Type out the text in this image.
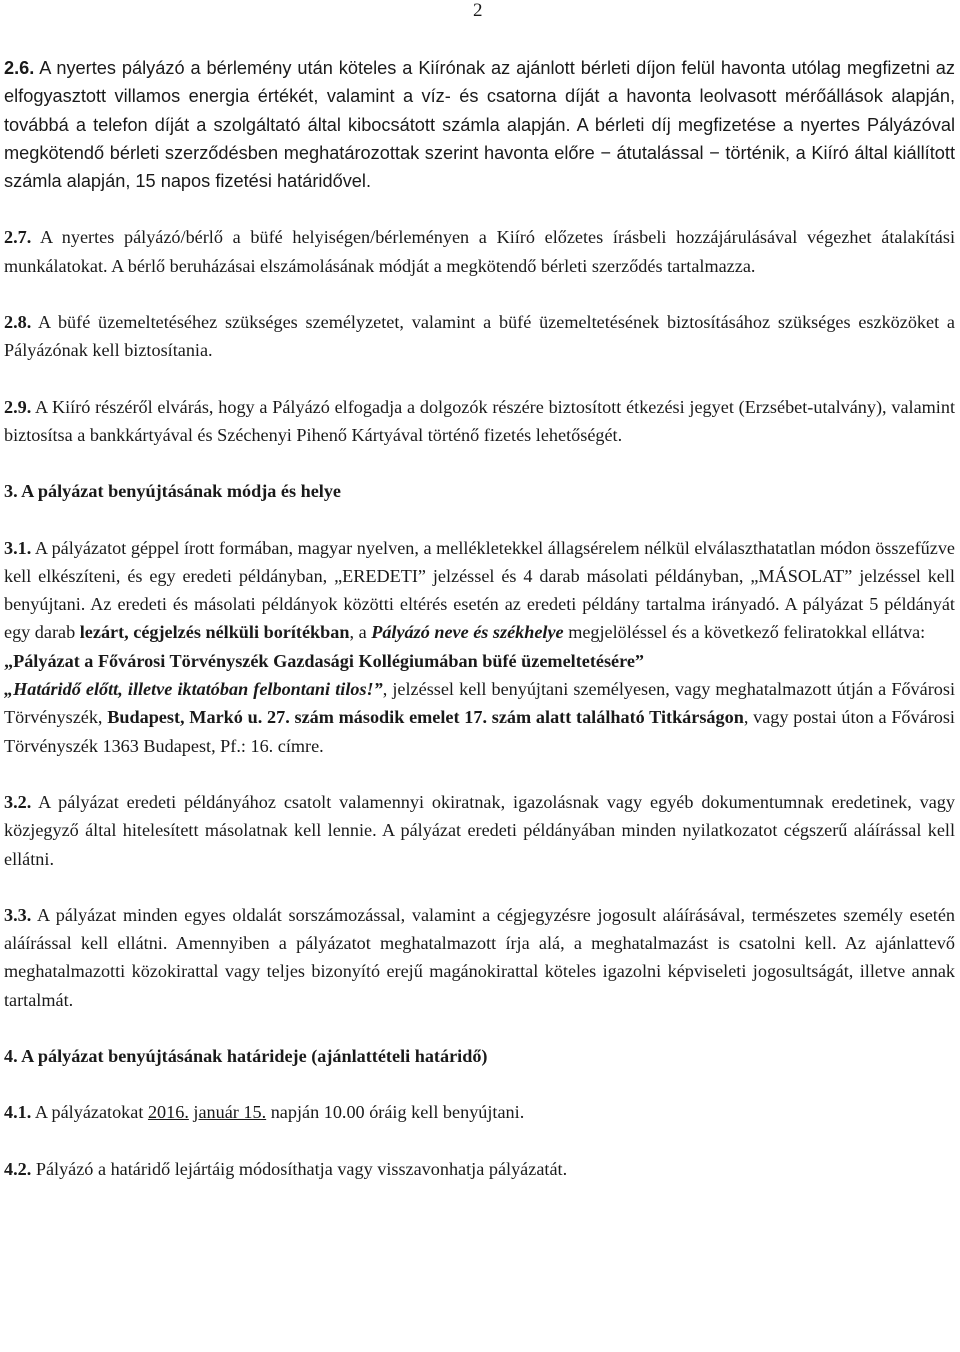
2

2.6. A nyertes pályázó a bérlemény után köteles a Kiírónak az ajánlott bérleti díjon felül havonta utólag megfizetni az elfogyasztott villamos energia értékét, valamint a víz- és csatorna díját a havonta leolvasott mérőállások alapján, továbbá a telefon díját a szolgáltató által kibocsátott számla alapján. A bérleti díj megfizetése a nyertes Pályázóval megkötendő bérleti szerződésben meghatározottak szerint havonta előre − átutalással − történik, a Kiíró által kiállított számla alapján, 15 napos fizetési határidővel.

2.7. A nyertes pályázó/bérlő a büfé helyiségen/bérleményen a Kiíró előzetes írásbeli hozzájárulásával végezhet átalakítási munkálatokat. A bérlő beruházásai elszámolásának módját a megkötendő bérleti szerződés tartalmazza.

2.8. A büfé üzemeltetéséhez szükséges személyzetet, valamint a büfé üzemeltetésének biztosításához szükséges eszközöket a Pályázónak kell biztosítania.

2.9. A Kiíró részéről elvárás, hogy a Pályázó elfogadja a dolgozók részére biztosított étkezési jegyet (Erzsébet-utalvány), valamint biztosítsa a bankkártyával és Széchenyi Pihenő Kártyával történő fizetés lehetőségét.

3. A pályázat benyújtásának módja és helye

3.1. A pályázatot géppel írott formában, magyar nyelven, a mellékletekkel állagsérelem nélkül elválaszthatatlan módon összefűzve kell elkészíteni, és egy eredeti példányban, „EREDETI” jelzéssel és 4 darab másolati példányban, „MÁSOLAT” jelzéssel kell benyújtani. Az eredeti és másolati példányok közötti eltérés esetén az eredeti példány tartalma irányadó. A pályázat 5 példányát egy darab lezárt, cégjelzés nélküli borítékban, a Pályázó neve és székhelye megjelöléssel és a következő feliratokkal ellátva:
„Pályázat a Fővárosi Törvényszék Gazdasági Kollégiumában büfé üzemeltetésére”
„Határidő előtt, illetve iktatóban felbontani tilos!”, jelzéssel kell benyújtani személyesen, vagy meghatalmazott útján a Fővárosi Törvényszék, Budapest, Markó u. 27. szám második emelet 17. szám alatt található Titkárságon, vagy postai úton a Fővárosi Törvényszék 1363 Budapest, Pf.: 16. címre.

3.2. A pályázat eredeti példányához csatolt valamennyi okiratnak, igazolásnak vagy egyéb dokumentumnak eredetinek, vagy közjegyző által hitelesített másolatnak kell lennie. A pályázat eredeti példányában minden nyilatkozatot cégszerű aláírással kell ellátni.

3.3. A pályázat minden egyes oldalát sorszámozással, valamint a cégjegyzésre jogosult aláírásával, természetes személy esetén aláírással kell ellátni. Amennyiben a pályázatot meghatalmazott írja alá, a meghatalmazást is csatolni kell. Az ajánlattevő meghatalmazotti közokirattal vagy teljes bizonyító erejű magánokirattal köteles igazolni képviseleti jogosultságát, illetve annak tartalmát.

4. A pályázat benyújtásának határideje (ajánlattételi határidő)

4.1. A pályázatokat 2016. január 15. napján 10.00 óráig kell benyújtani.

4.2. Pályázó a határidő lejártáig módosíthatja vagy visszavonhatja pályázatát.
